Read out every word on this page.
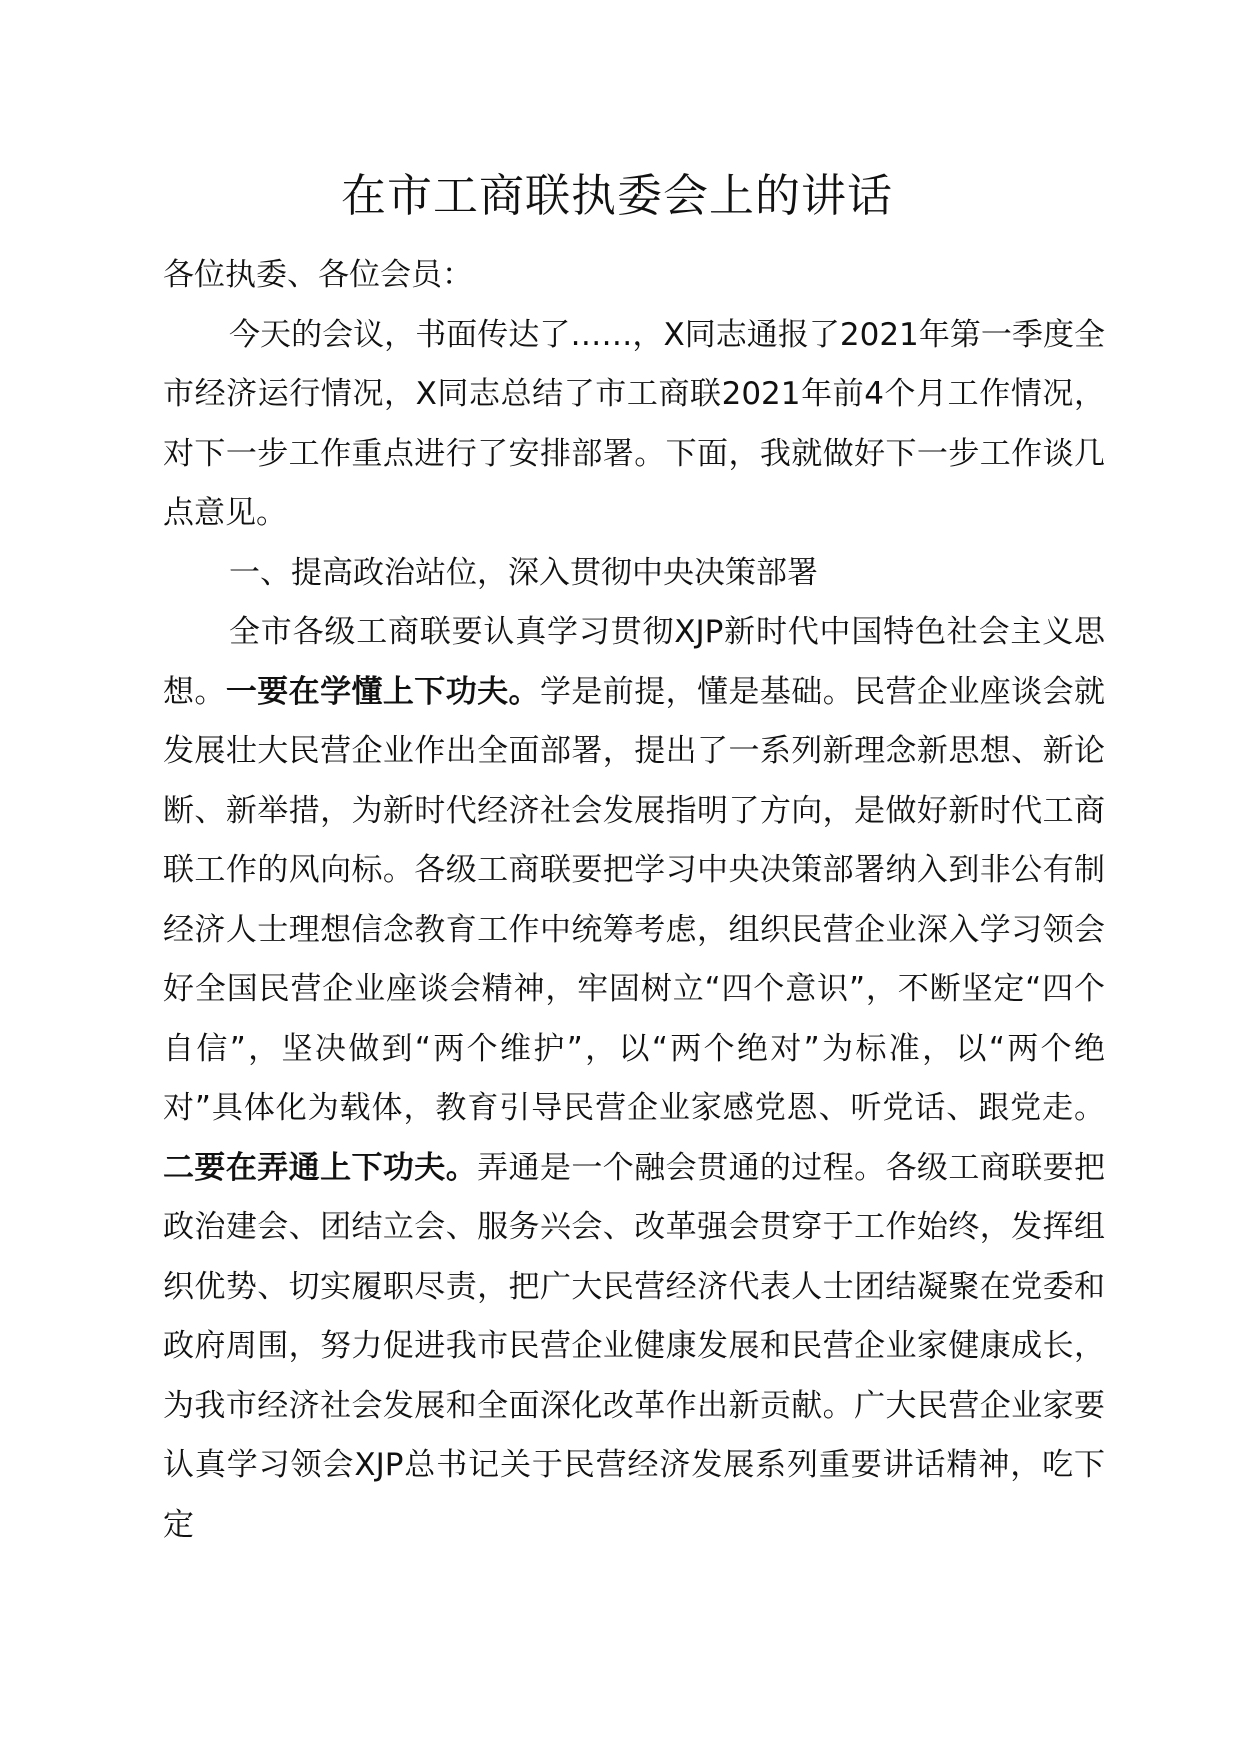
在市工商联执委会上的讲话

各位执委、各位会员：

今天的会议，书面传达了……，X同志通报了2021年第一季度全市经济运行情况，X同志总结了市工商联2021年前4个月工作情况，对下一步工作重点进行了安排部署。下面，我就做好下一步工作谈几点意见。

一、提高政治站位，深入贯彻中央决策部署

全市各级工商联要认真学习贯彻XJP新时代中国特色社会主义思想。一要在学懂上下功夫。学是前提，懂是基础。民营企业座谈会就发展壮大民营企业作出全面部署，提出了一系列新理念新思想、新论断、新举措，为新时代经济社会发展指明了方向，是做好新时代工商联工作的风向标。各级工商联要把学习中央决策部署纳入到非公有制经济人士理想信念教育工作中统筹考虑，组织民营企业深入学习领会好全国民营企业座谈会精神，牢固树立“四个意识”，不断坚定“四个自信”，坚决做到“两个维护”，以“两个绝对”为标准，以“两个绝对”具体化为载体，教育引导民营企业家感党恩、听党话、跟党走。二要在弄通上下功夫。弄通是一个融会贯通的过程。各级工商联要把政治建会、团结立会、服务兴会、改革强会贯穿于工作始终，发挥组织优势、切实履职尽责，把广大民营经济代表人士团结凝聚在党委和政府周围，努力促进我市民营企业健康发展和民营企业家健康成长，为我市经济社会发展和全面深化改革作出新贡献。广大民营企业家要认真学习领会XJP总书记关于民营经济发展系列重要讲话精神，吃下定
